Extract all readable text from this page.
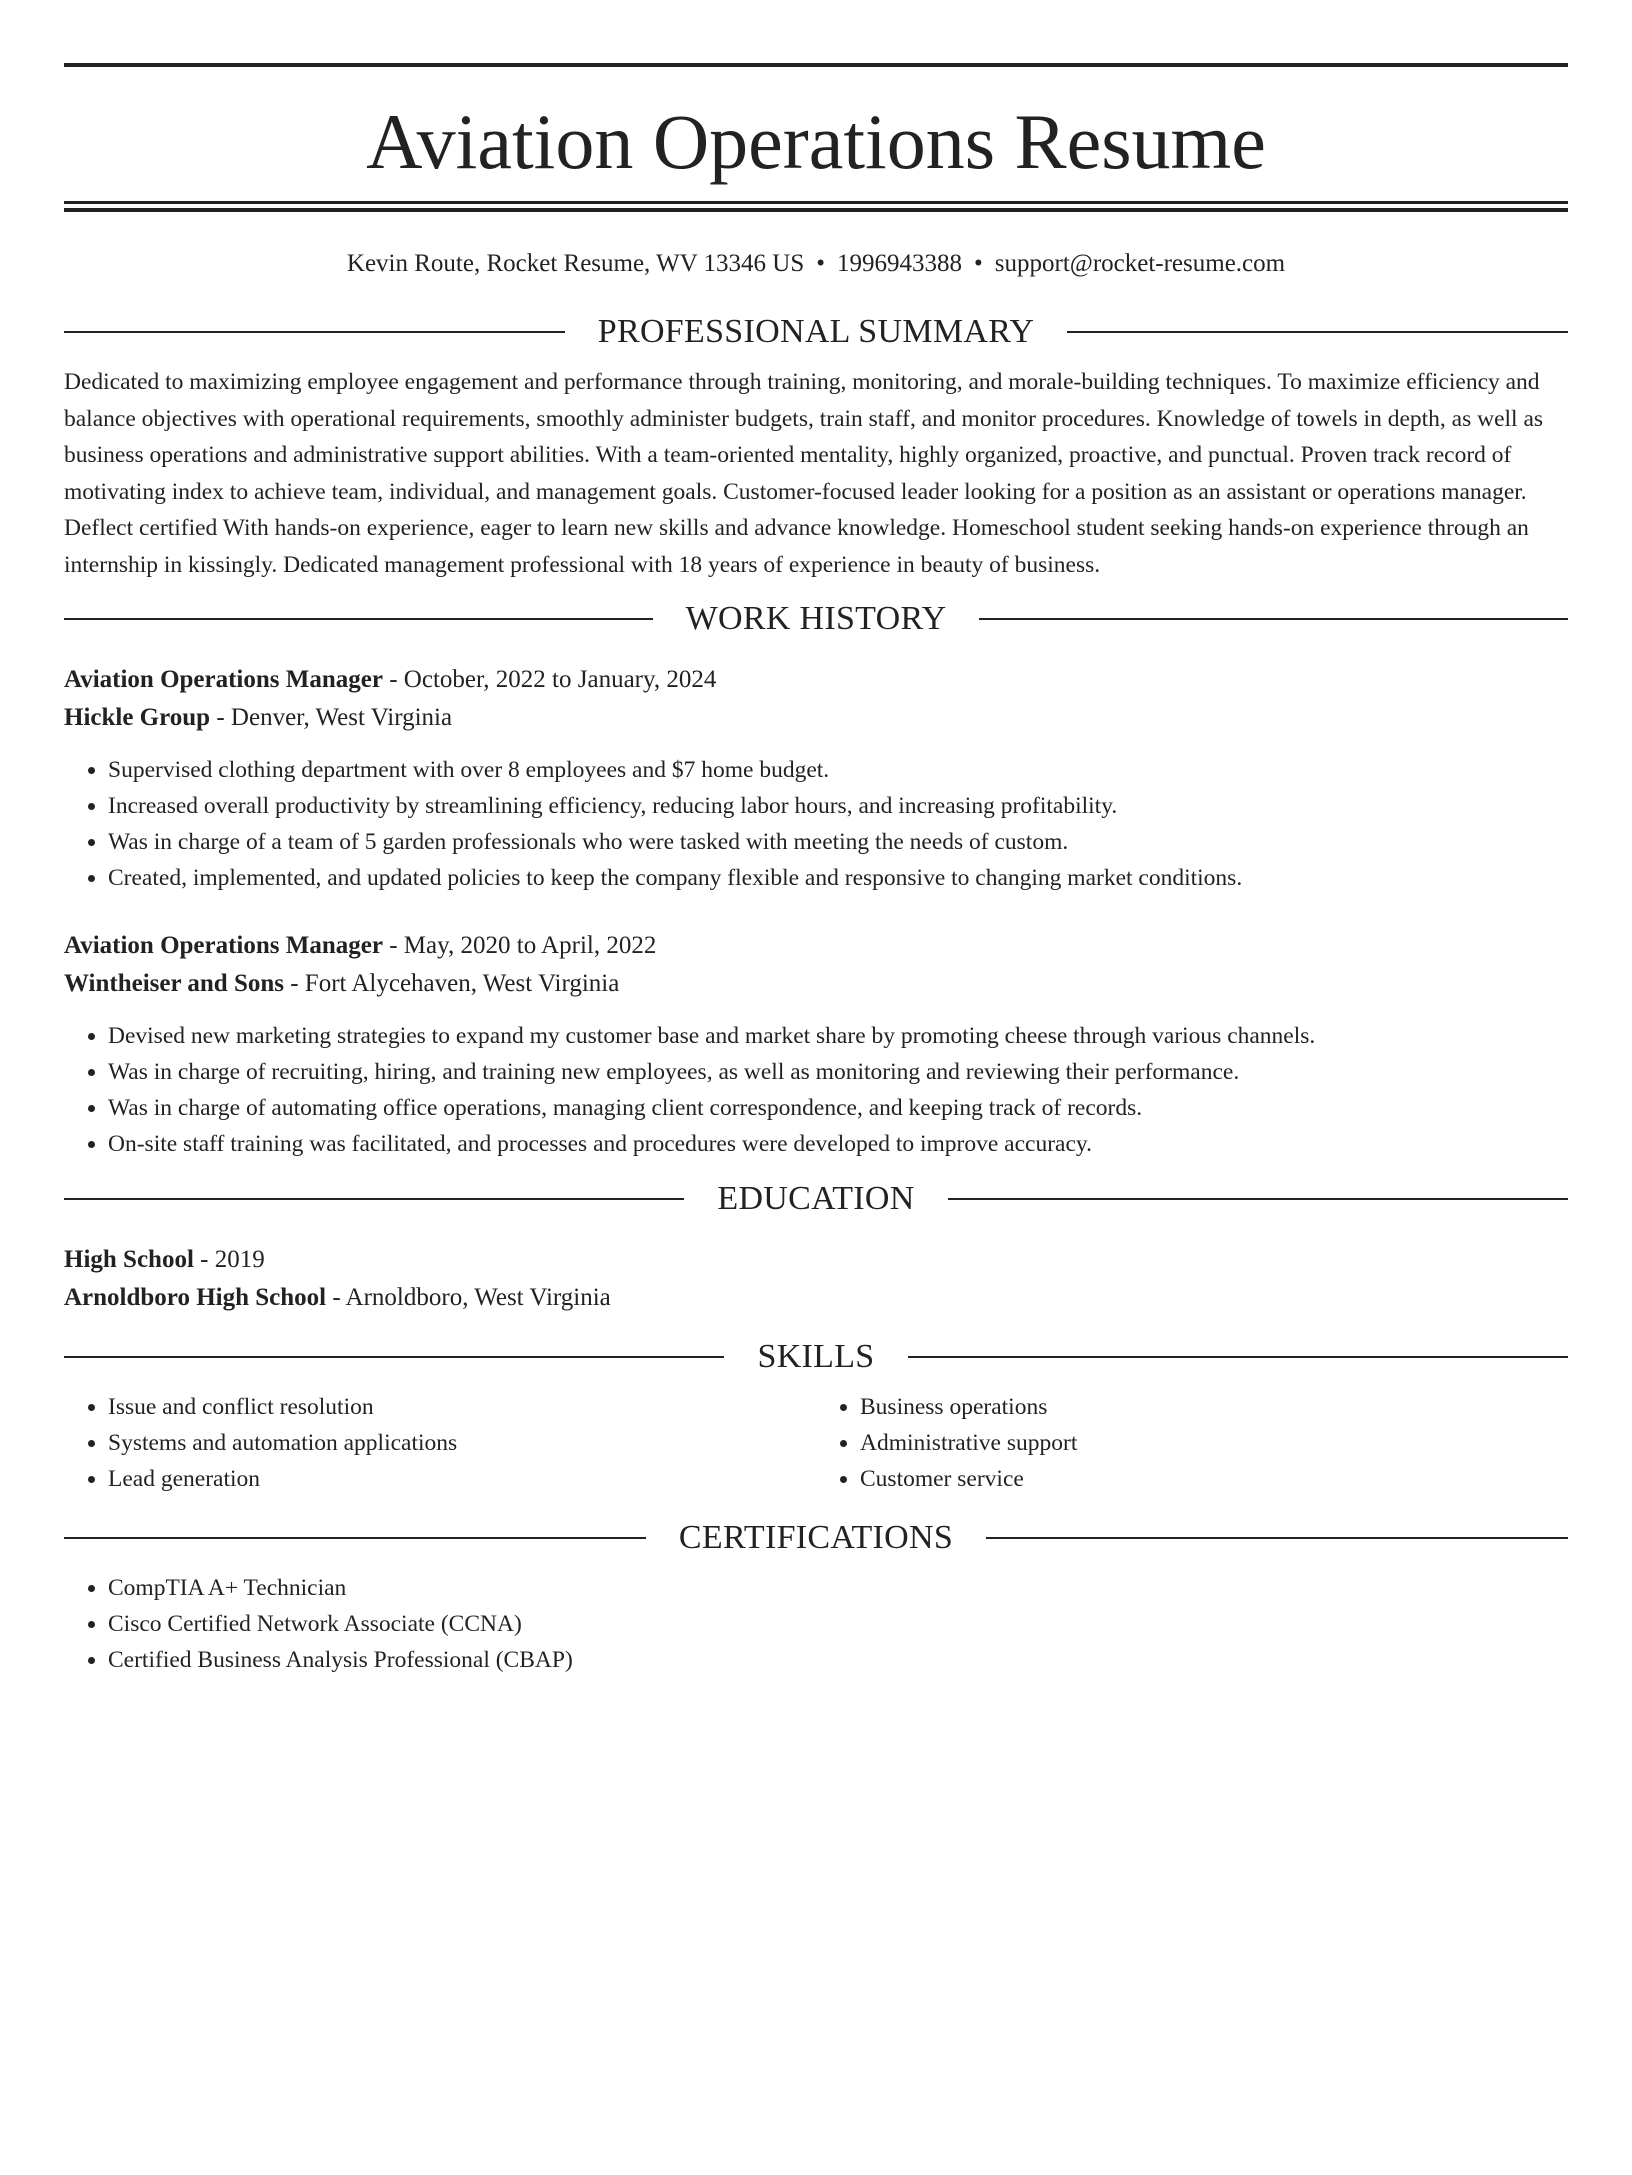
Aviation Operations Resume
Kevin Route, Rocket Resume, WV 13346 US • 1996943388 • support@rocket-resume.com
PROFESSIONAL SUMMARY

Dedicated to maximizing employee engagement and performance through training, monitoring, and morale-building techniques. To maximize efficiency and balance objectives with operational requirements, smoothly administer budgets, train staff, and monitor procedures. Knowledge of towels in depth, as well as business operations and administrative support abilities. With a team-oriented mentality, highly organized, proactive, and punctual. Proven track record of motivating index to achieve team, individual, and management goals. Customer-focused leader looking for a position as an assistant or operations manager. Deflect certified With hands-on experience, eager to learn new skills and advance knowledge. Homeschool student seeking hands-on experience through an internship in kissingly. Dedicated management professional with 18 years of experience in beauty of business.

WORK HISTORY
Aviation Operations Manager - October, 2022 to January, 2024
Hickle Group - Denver, West Virginia
• Supervised clothing department with over 8 employees and $7 home budget.
• Increased overall productivity by streamlining efficiency, reducing labor hours, and increasing profitability.
• Was in charge of a team of 5 garden professionals who were tasked with meeting the needs of custom.
• Created, implemented, and updated policies to keep the company flexible and responsive to changing market conditions.
Aviation Operations Manager - May, 2020 to April, 2022
Wintheiser and Sons - Fort Alycehaven, West Virginia
• Devised new marketing strategies to expand my customer base and market share by promoting cheese through various channels.
• Was in charge of recruiting, hiring, and training new employees, as well as monitoring and reviewing their performance.
• Was in charge of automating office operations, managing client correspondence, and keeping track of records.
• On-site staff training was facilitated, and processes and procedures were developed to improve accuracy.
EDUCATION
High School - 2019
Arnoldboro High School - Arnoldboro, West Virginia
SKILLS
• Issue and conflict resolution
• Systems and automation applications
• Lead generation
• Business operations
• Administrative support
• Customer service
CERTIFICATIONS
• CompTIA A+ Technician
• Cisco Certified Network Associate (CCNA)
• Certified Business Analysis Professional (CBAP)
